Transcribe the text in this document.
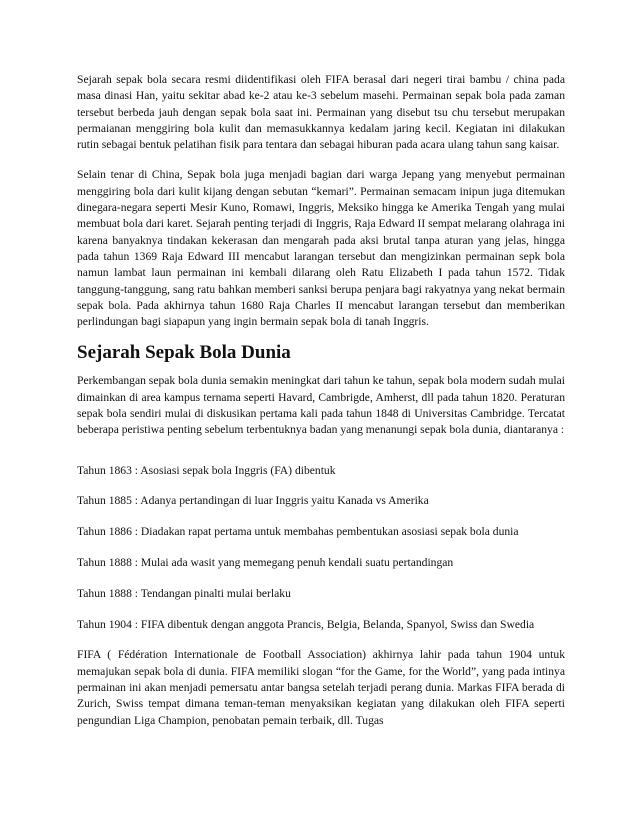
Sejarah sepak bola secara resmi diidentifikasi oleh FIFA berasal dari negeri tirai bambu / china pada masa dinasi Han, yaitu sekitar abad ke-2 atau ke-3 sebelum masehi. Permainan sepak bola pada zaman tersebut berbeda jauh dengan sepak bola saat ini. Permainan yang disebut tsu chu tersebut merupakan permaianan menggiring bola kulit dan memasukkannya kedalam jaring kecil. Kegiatan ini dilakukan rutin sebagai bentuk pelatihan fisik para tentara dan sebagai hiburan pada acara ulang tahun sang kaisar.

Selain tenar di China, Sepak bola juga menjadi bagian dari warga Jepang yang menyebut permainan menggiring bola dari kulit kijang dengan sebutan “kemari”. Permainan semacam inipun juga ditemukan dinegara-negara seperti Mesir Kuno, Romawi, Inggris, Meksiko hingga ke Amerika Tengah yang mulai membuat bola dari karet. Sejarah penting terjadi di Inggris, Raja Edward II sempat melarang olahraga ini karena banyaknya tindakan kekerasan dan mengarah pada aksi brutal tanpa aturan yang jelas, hingga pada tahun 1369 Raja Edward III mencabut larangan tersebut dan mengizinkan permainan sepk bola namun lambat laun permainan ini kembali dilarang oleh Ratu Elizabeth I pada tahun 1572. Tidak tanggung-tanggung, sang ratu bahkan memberi sanksi berupa penjara bagi rakyatnya yang nekat bermain sepak bola. Pada akhirnya tahun 1680 Raja Charles II mencabut larangan tersebut dan memberikan perlindungan bagi siapapun yang ingin bermain sepak bola di tanah Inggris.

Sejarah Sepak Bola Dunia

Perkembangan sepak bola dunia semakin meningkat dari tahun ke tahun, sepak bola modern sudah mulai dimainkan di area kampus ternama seperti Havard, Cambrigde, Amherst, dll pada tahun 1820. Peraturan sepak bola sendiri mulai di diskusikan pertama kali pada tahun 1848 di Universitas Cambridge. Tercatat beberapa peristiwa penting sebelum terbentuknya badan yang menanungi sepak bola dunia, diantaranya :

Tahun 1863 : Asosiasi sepak bola Inggris (FA) dibentuk
Tahun 1885 : Adanya pertandingan di luar Inggris yaitu Kanada vs Amerika
Tahun 1886 : Diadakan rapat pertama untuk membahas pembentukan asosiasi sepak bola dunia
Tahun 1888 : Mulai ada wasit yang memegang penuh kendali suatu pertandingan
Tahun 1888 : Tendangan pinalti mulai berlaku
Tahun 1904 : FIFA dibentuk dengan anggota Prancis, Belgia, Belanda, Spanyol, Swiss dan Swedia

FIFA ( Fédération Internationale de Football Association) akhirnya lahir pada tahun 1904 untuk memajukan sepak bola di dunia. FIFA memiliki slogan “for the Game, for the World”, yang pada intinya permainan ini akan menjadi pemersatu antar bangsa setelah terjadi perang dunia. Markas FIFA berada di Zurich, Swiss tempat dimana teman-teman menyaksikan kegiatan yang dilakukan oleh FIFA seperti pengundian Liga Champion, penobatan pemain terbaik, dll. Tugas
